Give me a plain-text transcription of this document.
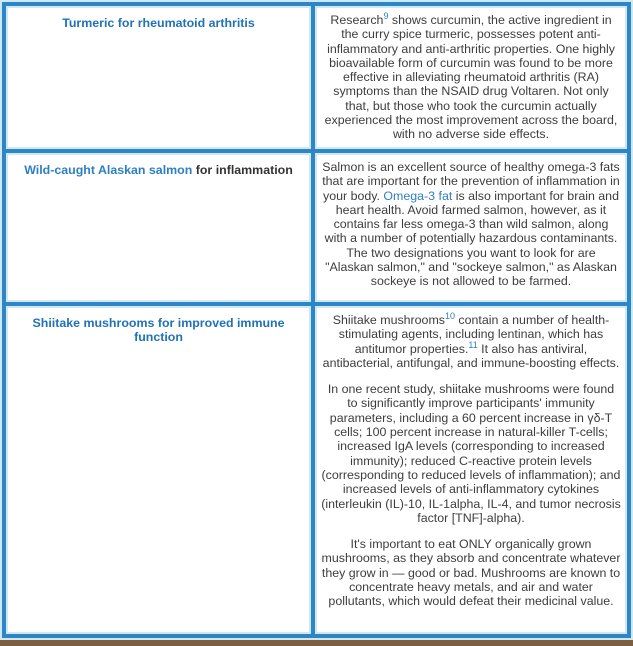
Turmeric for rheumatoid arthritis	Research$^9$ shows curcumin, the active ingredient in the curry spice turmeric, possesses potent anti-inflammatory and anti-arthritic properties. One highly bioavailable form of curcumin was found to be more effective in alleviating rheumatoid arthritis (RA) symptoms than the NSAID drug Voltaren. Not only that, but those who took the curcumin actually experienced the most improvement across the board, with no adverse side effects.
Wild-caught Alaskan salmon for inflammation	Salmon is an excellent source of healthy omega-3 fats that are important for the prevention of inflammation in your body. Omega-3 fat is also important for brain and heart health. Avoid farmed salmon, however, as it contains far less omega-3 than wild salmon, along with a number of potentially hazardous contaminants. The two designations you want to look for are "Alaskan salmon," and "sockeye salmon," as Alaskan sockeye is not allowed to be farmed.
Shiitake mushrooms for improved immune function
Shiitake mushrooms$^{10}$ contain a number of health-stimulating agents, including lentinan, which has antitumor properties.$^{11}$ It also has antiviral, antibacterial, antifungal, and immune-boosting effects.
In one recent study, shiitake mushrooms were found to significantly improve participants' immunity parameters, including a 60 percent increase in γδ-T cells; 100 percent increase in natural-killer T-cells; increased IgA levels (corresponding to increased immunity); reduced C-reactive protein levels (corresponding to reduced levels of inflammation); and increased levels of anti-inflammatory cytokines (interleukin (IL)-10, IL-1alpha, IL-4, and tumor necrosis factor [TNF]-alpha).
It's important to eat ONLY organically grown mushrooms, as they absorb and concentrate whatever they grow in — good or bad. Mushrooms are known to concentrate heavy metals, and air and water pollutants, which would defeat their medicinal value.
